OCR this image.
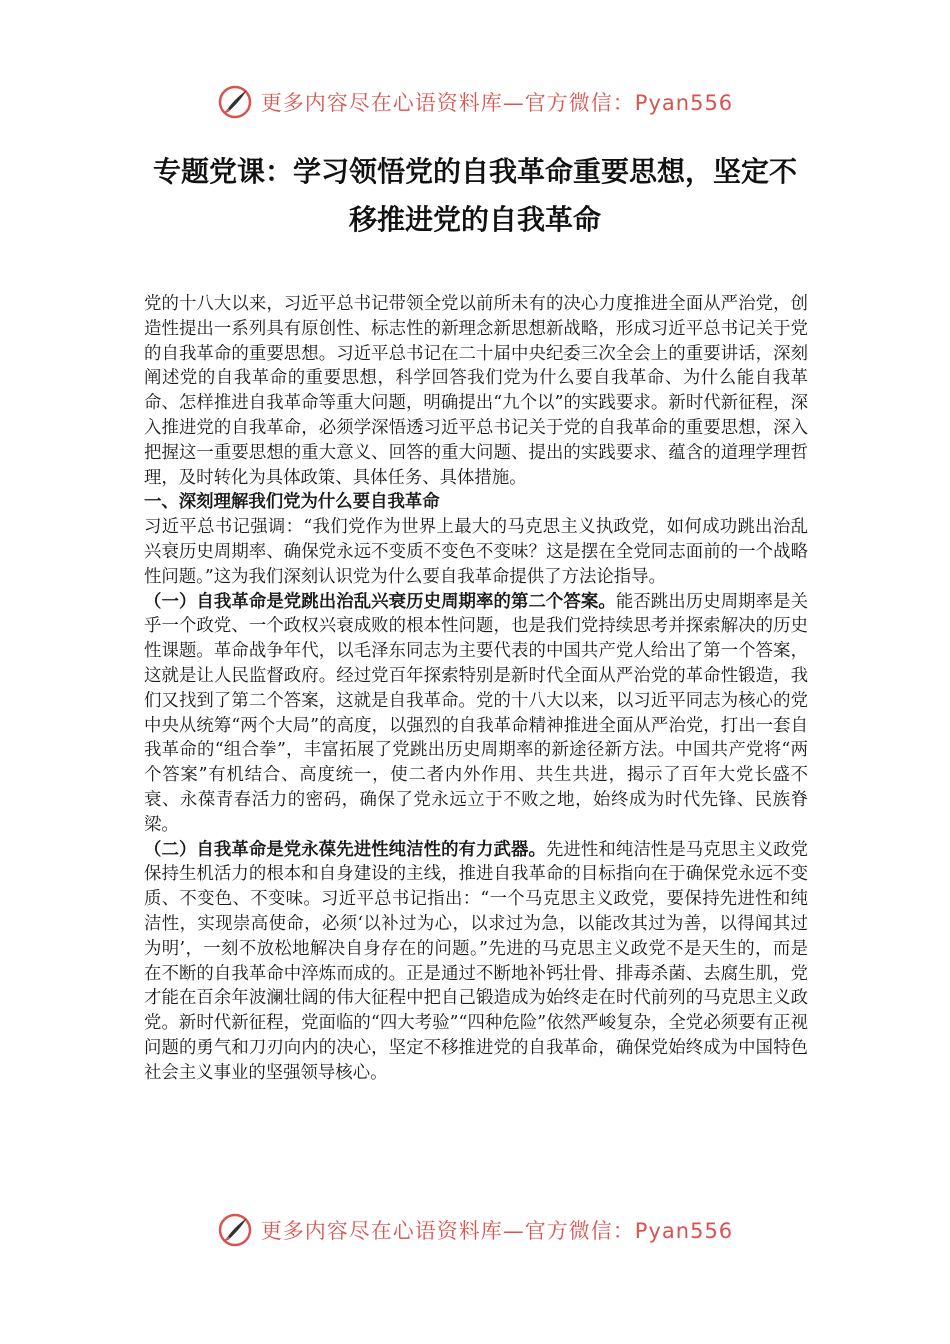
更多内容尽在心语资料库—官方微信：Pyan556
专题党课：学习领悟党的自我革命重要思想，坚定不移推进党的自我革命

党的十八大以来，习近平总书记带领全党以前所未有的决心力度推进全面从严治党，创造性提出一系列具有原创性、标志性的新理念新思想新战略，形成习近平总书记关于党的自我革命的重要思想。习近平总书记在二十届中央纪委三次全会上的重要讲话，深刻阐述党的自我革命的重要思想，科学回答我们党为什么要自我革命、为什么能自我革命、怎样推进自我革命等重大问题，明确提出“九个以”的实践要求。新时代新征程，深入推进党的自我革命，必须学深悟透习近平总书记关于党的自我革命的重要思想，深入把握这一重要思想的重大意义、回答的重大问题、提出的实践要求、蕴含的道理学理哲理，及时转化为具体政策、具体任务、具体措施。

一、深刻理解我们党为什么要自我革命

习近平总书记强调：“我们党作为世界上最大的马克思主义执政党，如何成功跳出治乱兴衰历史周期率、确保党永远不变质不变色不变味？这是摆在全党同志面前的一个战略性问题。”这为我们深刻认识党为什么要自我革命提供了方法论指导。

（一）自我革命是党跳出治乱兴衰历史周期率的第二个答案。能否跳出历史周期率是关乎一个政党、一个政权兴衰成败的根本性问题，也是我们党持续思考并探索解决的历史性课题。革命战争年代，以毛泽东同志为主要代表的中国共产党人给出了第一个答案，这就是让人民监督政府。经过党百年探索特别是新时代全面从严治党的革命性锻造，我们又找到了第二个答案，这就是自我革命。党的十八大以来，以习近平同志为核心的党中央从统筹“两个大局”的高度，以强烈的自我革命精神推进全面从严治党，打出一套自我革命的“组合拳”，丰富拓展了党跳出历史周期率的新途径新方法。中国共产党将“两个答案”有机结合、高度统一，使二者内外作用、共生共进，揭示了百年大党长盛不衰、永葆青春活力的密码，确保了党永远立于不败之地，始终成为时代先锋、民族脊梁。

（二）自我革命是党永葆先进性纯洁性的有力武器。先进性和纯洁性是马克思主义政党保持生机活力的根本和自身建设的主线，推进自我革命的目标指向在于确保党永远不变质、不变色、不变味。习近平总书记指出：“一个马克思主义政党，要保持先进性和纯洁性，实现崇高使命，必须‘以补过为心，以求过为急，以能改其过为善，以得闻其过为明’，一刻不放松地解决自身存在的问题。”先进的马克思主义政党不是天生的，而是在不断的自我革命中淬炼而成的。正是通过不断地补钙壮骨、排毒杀菌、去腐生肌，党才能在百余年波澜壮阔的伟大征程中把自己锻造成为始终走在时代前列的马克思主义政党。新时代新征程，党面临的“四大考验”“四种危险”依然严峻复杂，全党必须要有正视问题的勇气和刀刃向内的决心，坚定不移推进党的自我革命，确保党始终成为中国特色社会主义事业的坚强领导核心。

更多内容尽在心语资料库—官方微信：Pyan556
